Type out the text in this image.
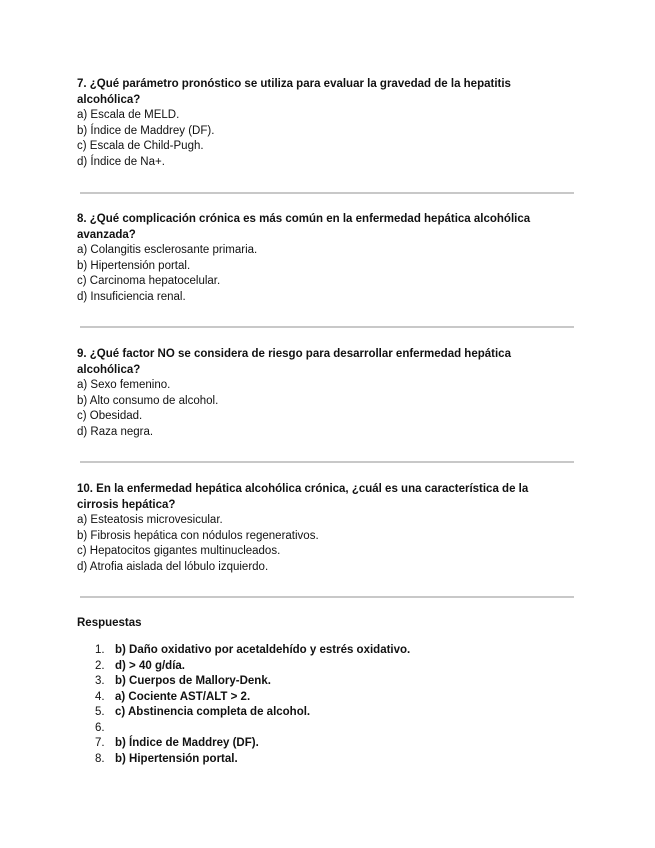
7. ¿Qué parámetro pronóstico se utiliza para evaluar la gravedad de la hepatitis alcohólica?

a) Escala de MELD.
b) Índice de Maddrey (DF).
c) Escala de Child-Pugh.
d) Índice de Na+.

8. ¿Qué complicación crónica es más común en la enfermedad hepática alcohólica avanzada?

a) Colangitis esclerosante primaria.
b) Hipertensión portal.
c) Carcinoma hepatocelular.
d) Insuficiencia renal.

9. ¿Qué factor NO se considera de riesgo para desarrollar enfermedad hepática alcohólica?

a) Sexo femenino.
b) Alto consumo de alcohol.
c) Obesidad.
d) Raza negra.

10. En la enfermedad hepática alcohólica crónica, ¿cuál es una característica de la cirrosis hepática?

a) Esteatosis microvesicular.
b) Fibrosis hepática con nódulos regenerativos.
c) Hepatocitos gigantes multinucleados.
d) Atrofia aislada del lóbulo izquierdo.

Respuestas

1. b) Daño oxidativo por acetaldehído y estrés oxidativo.
2. d) > 40 g/día.
3. b) Cuerpos de Mallory-Denk.
4. a) Cociente AST/ALT > 2.
5. c) Abstinencia completa de alcohol.
6.
7. b) Índice de Maddrey (DF).
8. b) Hipertensión portal.
